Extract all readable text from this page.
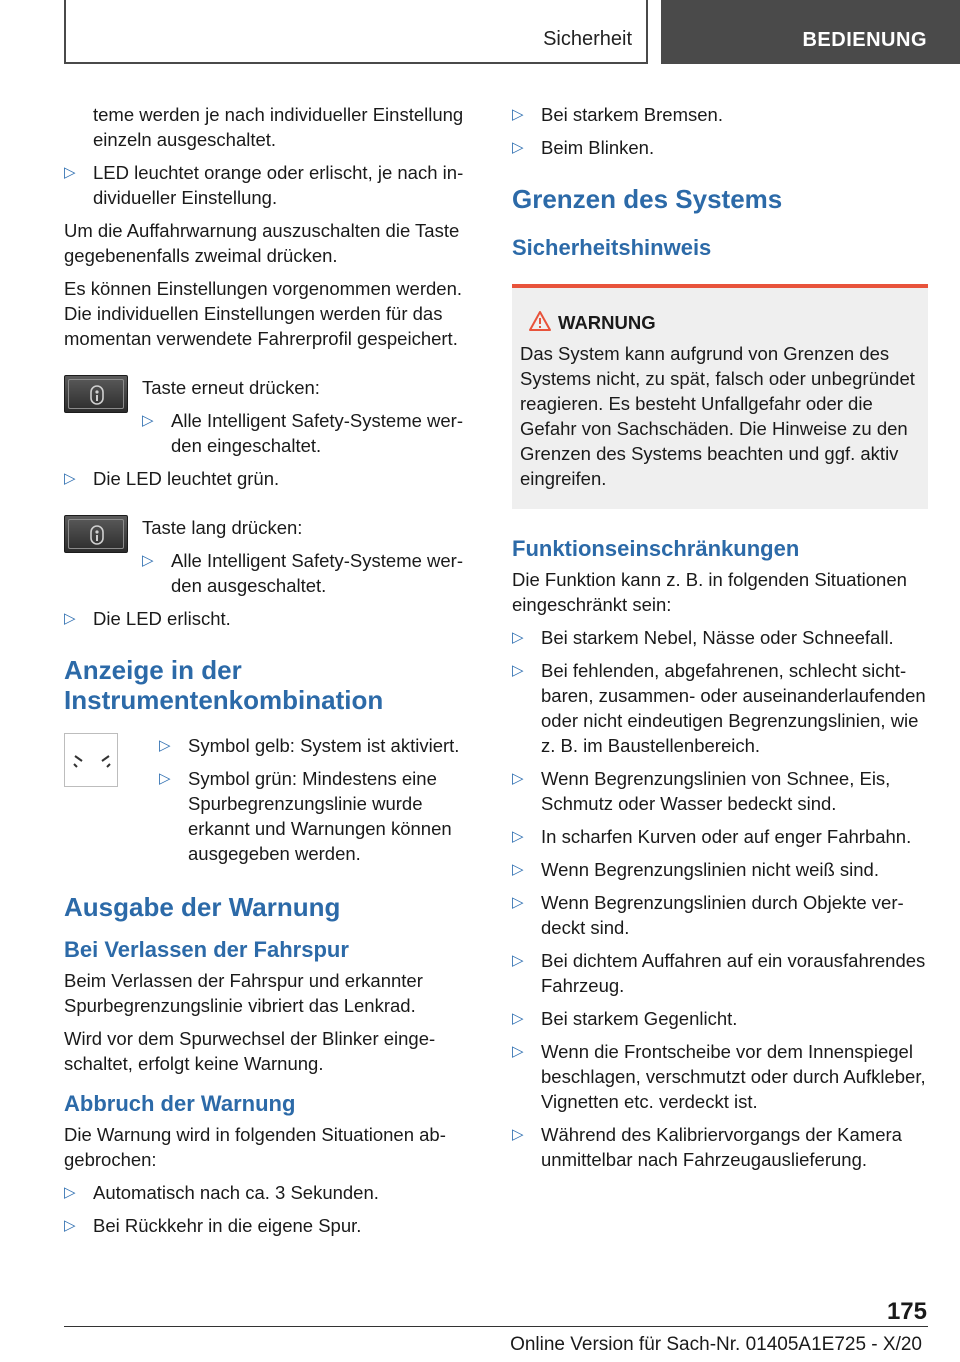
Sicherheit	BEDIENUNG

teme werden je nach individueller Einstellung einzeln ausgeschaltet.

▷ LED leuchtet orange oder erlischt, je nach individueller Einstellung.

Um die Auffahrwarnung auszuschalten die Taste gegebenenfalls zweimal drücken.

Es können Einstellungen vorgenommen werden. Die individuellen Einstellungen werden für das momentan verwendete Fahrerprofil gespeichert.

Taste erneut drücken:

▷ Alle Intelligent Safety-Systeme werden eingeschaltet.
▷ Die LED leuchtet grün.

Taste lang drücken:

▷ Alle Intelligent Safety-Systeme werden ausgeschaltet.
▷ Die LED erlischt.
Anzeige in der Instrumentenkombination
▷ Symbol gelb: System ist aktiviert.
▷ Symbol grün: Mindestens eine Spurbegrenzungslinie wurde erkannt und Warnungen können ausgegeben werden.
Ausgabe der Warnung
Bei Verlassen der Fahrspur

Beim Verlassen der Fahrspur und erkannter Spurbegrenzungslinie vibriert das Lenkrad.

Wird vor dem Spurwechsel der Blinker eingeschaltet, erfolgt keine Warnung.

Abbruch der Warnung

Die Warnung wird in folgenden Situationen abgebrochen:

▷ Automatisch nach ca. 3 Sekunden.
▷ Bei Rückkehr in die eigene Spur.
▷ Bei starkem Bremsen.
▷ Beim Blinken.
Grenzen des Systems
Sicherheitshinweis
WARNUNG
Das System kann aufgrund von Grenzen des Systems nicht, zu spät, falsch oder unbegründet reagieren. Es besteht Unfallgefahr oder die Gefahr von Sachschäden. Die Hinweise zu den Grenzen des Systems beachten und ggf. aktiv eingreifen.
Funktionseinschränkungen

Die Funktion kann z. B. in folgenden Situationen eingeschränkt sein:

▷ Bei starkem Nebel, Nässe oder Schneefall.
▷ Bei fehlenden, abgefahrenen, schlecht sichtbaren, zusammen- oder auseinanderlaufenden oder nicht eindeutigen Begrenzungslinien, wie z. B. im Baustellenbereich.
▷ Wenn Begrenzungslinien von Schnee, Eis, Schmutz oder Wasser bedeckt sind.
▷ In scharfen Kurven oder auf enger Fahrbahn.
▷ Wenn Begrenzungslinien nicht weiß sind.
▷ Wenn Begrenzungslinien durch Objekte verdeckt sind.
▷ Bei dichtem Auffahren auf ein vorausfahrendes Fahrzeug.
▷ Bei starkem Gegenlicht.
▷ Wenn die Frontscheibe vor dem Innenspiegel beschlagen, verschmutzt oder durch Aufkleber, Vignetten etc. verdeckt ist.
▷ Während des Kalibriervorgangs der Kamera unmittelbar nach Fahrzeugauslieferung.
175
Online Version für Sach-Nr. 01405A1E725 - X/20
